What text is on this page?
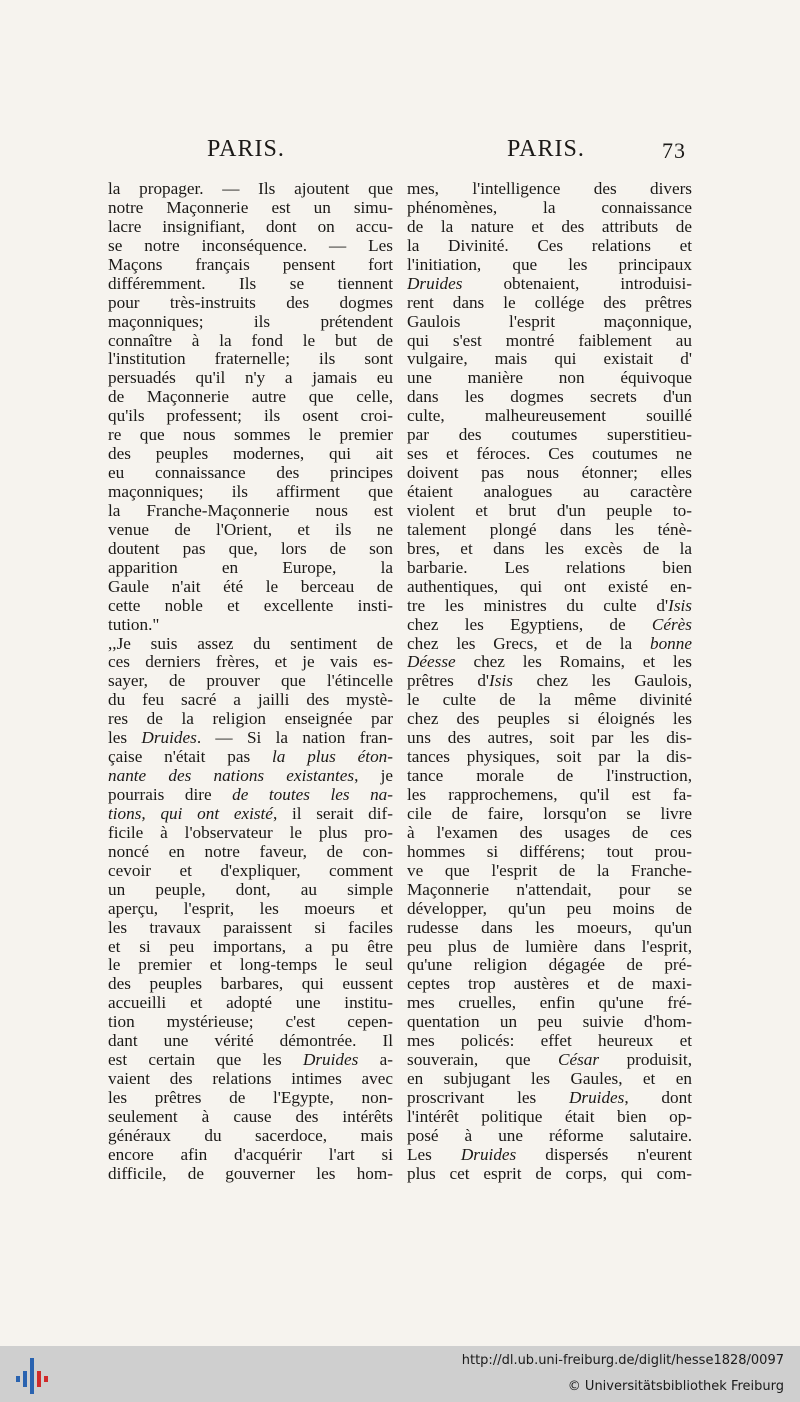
PARIS.	PARIS.	73
la propager. — Ils ajoutent que
notre Maçonnerie est un simu-
lacre insignifiant, dont on accu-
se notre inconséquence. — Les
Maçons français pensent fort
différemment. Ils se tiennent
pour très-instruits des dogmes
maçonniques; ils prétendent
connaître à la fond le but de
l'institution fraternelle; ils sont
persuadés qu'il n'y a jamais eu
de Maçonnerie autre que celle,
qu'ils professent; ils osent croi-
re que nous sommes le premier
des peuples modernes, qui ait
eu connaissance des principes
maçonniques; ils affirment que
la Franche-Maçonnerie nous est
venue de l'Orient, et ils ne
doutent pas que, lors de son
apparition en Europe, la
Gaule n'ait été le berceau de
cette noble et excellente insti-
tution."
,,Je suis assez du sentiment de
ces derniers frères, et je vais es-
sayer, de prouver que l'étincelle
du feu sacré a jailli des mystè-
res de la religion enseignée par
les Druides. — Si la nation fran-
çaise n'était pas la plus éton-
nante des nations existantes, je
pourrais dire de toutes les na-
tions, qui ont existé, il serait dif-
ficile à l'observateur le plus pro-
noncé en notre faveur, de con-
cevoir et d'expliquer, comment
un peuple, dont, au simple
aperçu, l'esprit, les moeurs et
les travaux paraissent si faciles
et si peu importans, a pu être
le premier et long-temps le seul
des peuples barbares, qui eussent
accueilli et adopté une institu-
tion mystérieuse; c'est cepen-
dant une vérité démontrée. Il
est certain que les Druides a-
vaient des relations intimes avec
les prêtres de l'Egypte, non-
seulement à cause des intérêts
généraux du sacerdoce, mais
encore afin d'acquérir l'art si
difficile, de gouverner les hom-
mes, l'intelligence des divers
phénomènes, la connaissance
de la nature et des attributs de
la Divinité. Ces relations et
l'initiation, que les principaux
Druides obtenaient, introduisi-
rent dans le collége des prêtres
Gaulois l'esprit maçonnique,
qui s'est montré faiblement au
vulgaire, mais qui existait d'
une manière non équivoque
dans les dogmes secrets d'un
culte, malheureusement souillé
par des coutumes superstitieu-
ses et féroces. Ces coutumes ne
doivent pas nous étonner; elles
étaient analogues au caractère
violent et brut d'un peuple to-
talement plongé dans les ténè-
bres, et dans les excès de la
barbarie. Les relations bien
authentiques, qui ont existé en-
tre les ministres du culte d'Isis
chez les Egyptiens, de Cérès
chez les Grecs, et de la bonne
Déesse chez les Romains, et les
prêtres d'Isis chez les Gaulois,
le culte de la même divinité
chez des peuples si éloignés les
uns des autres, soit par les dis-
tances physiques, soit par la dis-
tance morale de l'instruction,
les rapprochemens, qu'il est fa-
cile de faire, lorsqu'on se livre
à l'examen des usages de ces
hommes si différens; tout prou-
ve que l'esprit de la Franche-
Maçonnerie n'attendait, pour se
développer, qu'un peu moins de
rudesse dans les moeurs, qu'un
peu plus de lumière dans l'esprit,
qu'une religion dégagée de pré-
ceptes trop austères et de maxi-
mes cruelles, enfin qu'une fré-
quentation un peu suivie d'hom-
mes policés: effet heureux et
souverain, que César produisit,
en subjugant les Gaules, et en
proscrivant les Druides, dont
l'intérêt politique était bien op-
posé à une réforme salutaire.
Les Druides dispersés n'eurent
plus cet esprit de corps, qui com-
http://dl.ub.uni-freiburg.de/diglit/hesse1828/0097
© Universitätsbibliothek Freiburg
